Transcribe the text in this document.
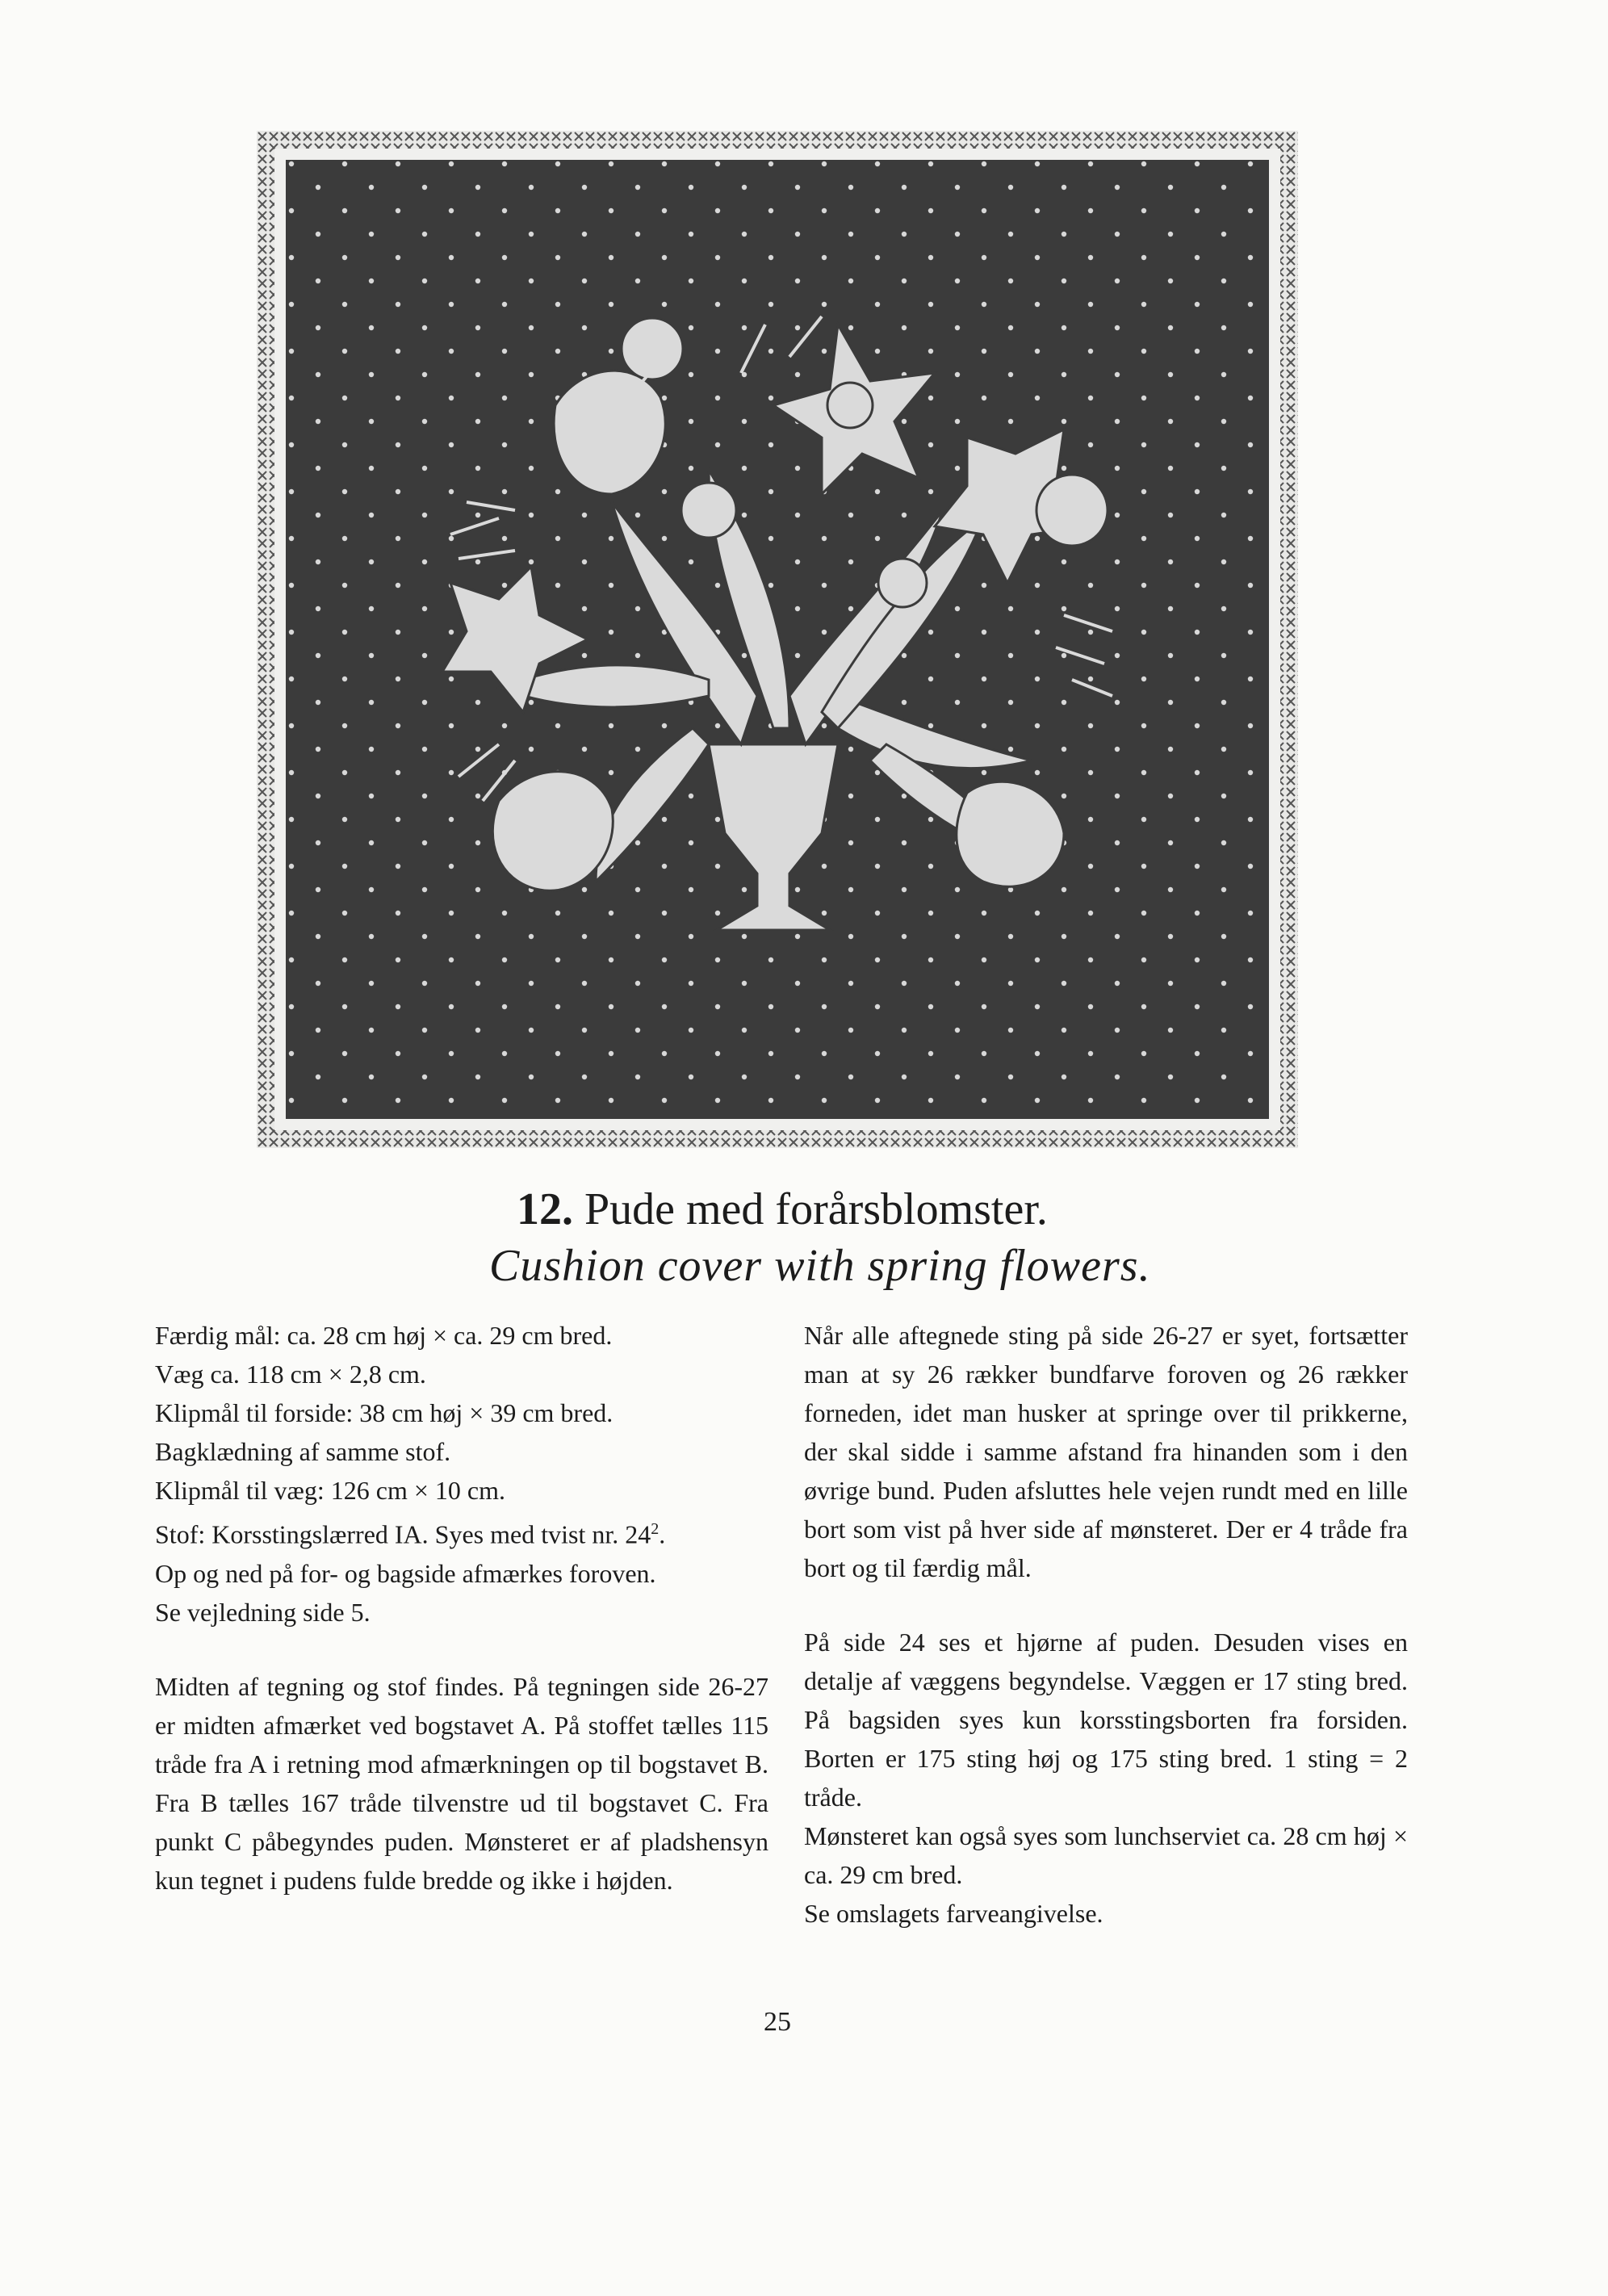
12. Pude med forårsblomster.
Cushion cover with spring flowers.

Færdig mål: ca. 28 cm høj × ca. 29 cm bred.

Væg ca. 118 cm × 2,8 cm.

Klipmål til forside: 38 cm høj × 39 cm bred.

Bagklædning af samme stof.

Klipmål til væg: 126 cm × 10 cm.

Stof: Korsstingslærred IA. Syes med tvist nr. $24^2$.

Op og ned på for- og bagside afmærkes foroven.

Se vejledning side 5.

Midten af tegning og stof findes. På tegningen side 26-27 er midten afmærket ved bogstavet A. På stoffet tælles 115 tråde fra A i retning mod afmærkningen op til bogstavet B. Fra B tælles 167 tråde tilvenstre ud til bogstavet C. Fra punkt C påbegyndes puden. Mønsteret er af pladshensyn kun tegnet i pudens fulde bredde og ikke i højden.

Når alle aftegnede sting på side 26-27 er syet, fortsætter man at sy 26 rækker bundfarve foroven og 26 rækker forneden, idet man husker at springe over til prikkerne, der skal sidde i samme afstand fra hinanden som i den øvrige bund. Puden afsluttes hele vejen rundt med en lille bort som vist på hver side af mønsteret. Der er 4 tråde fra bort og til færdig mål.

På side 24 ses et hjørne af puden. Desuden vises en detalje af væggens begyndelse. Væggen er 17 sting bred. På bagsiden syes kun korsstingsborten fra forsiden. Borten er 175 sting høj og 175 sting bred. 1 sting = 2 tråde.

Mønsteret kan også syes som lunchserviet ca. 28 cm høj × ca. 29 cm bred.

Se omslagets farveangivelse.

25
